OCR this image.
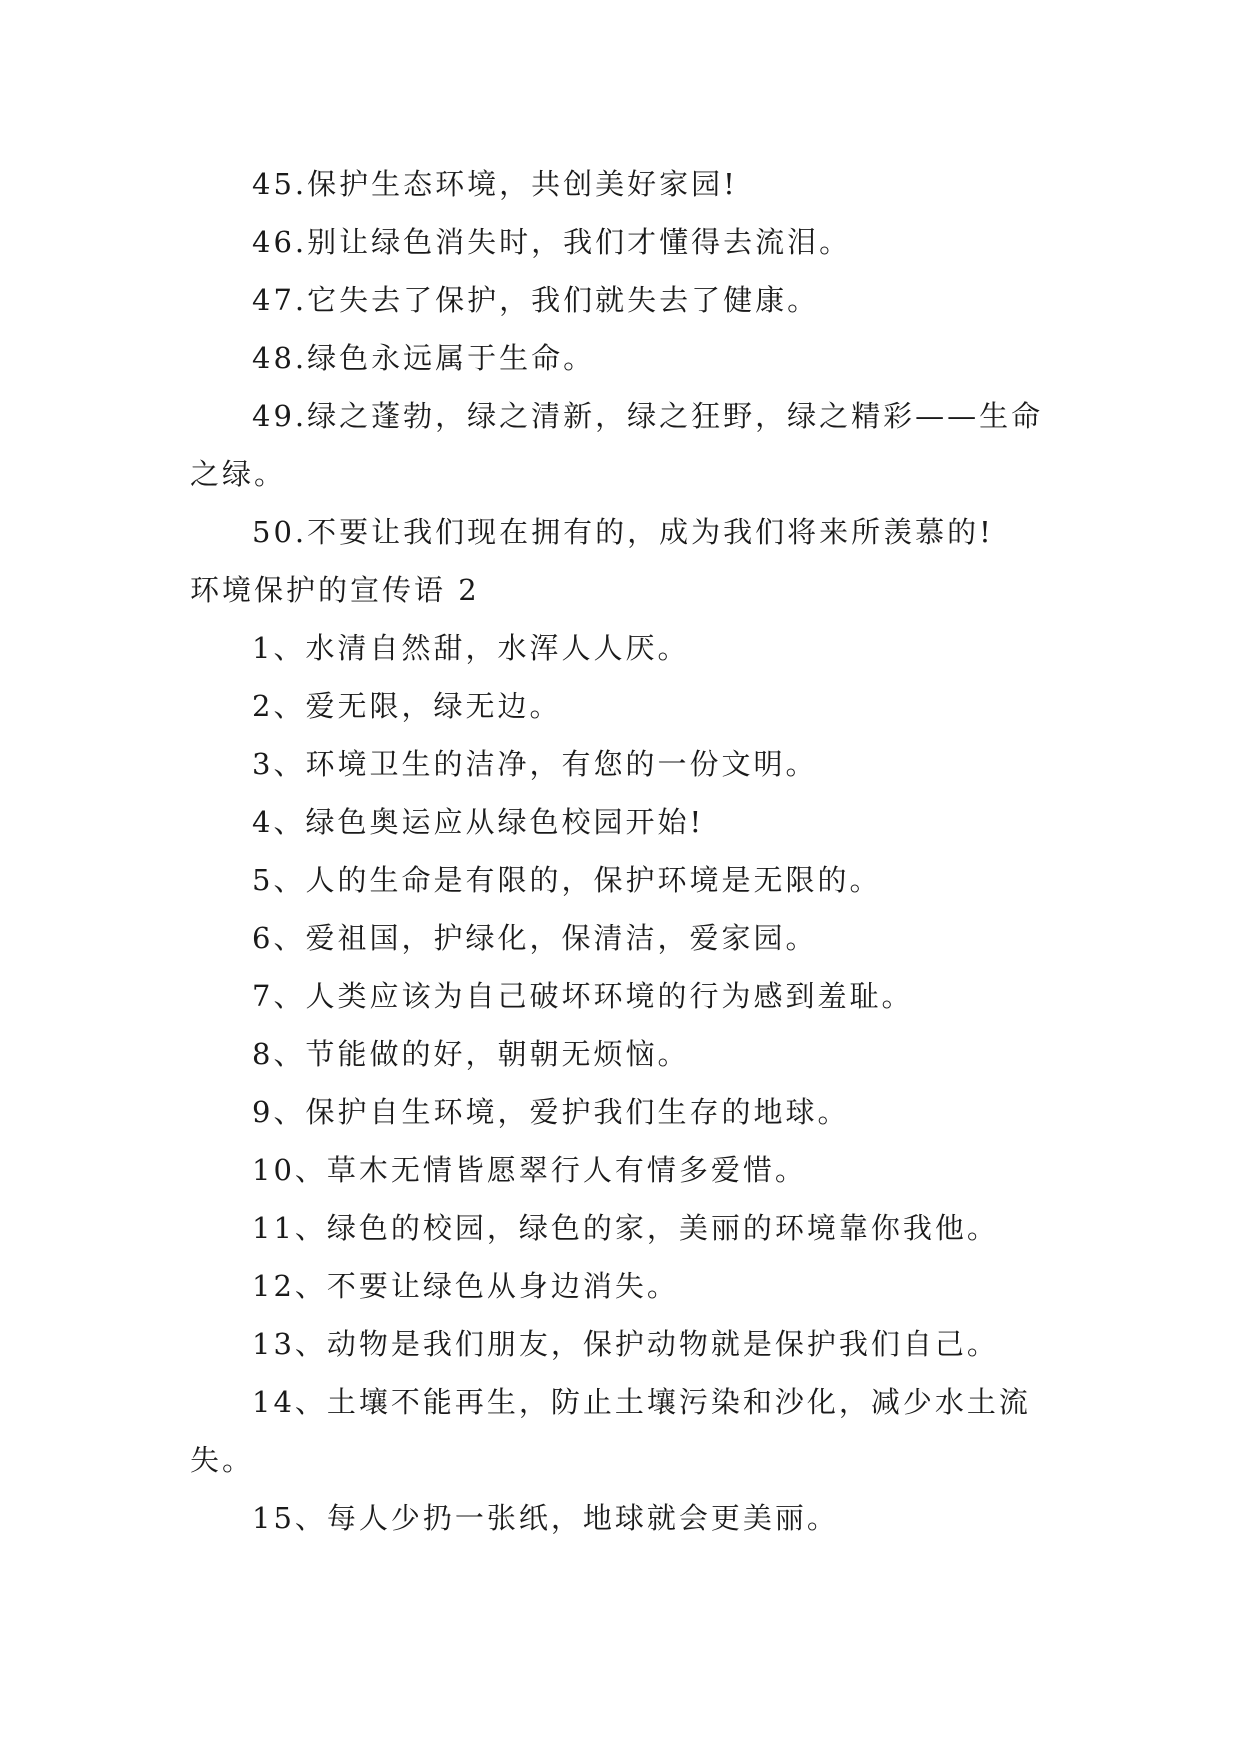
45.保护生态环境，共创美好家园!

46.别让绿色消失时，我们才懂得去流泪。

47.它失去了保护，我们就失去了健康。

48.绿色永远属于生命。

49.绿之蓬勃，绿之清新，绿之狂野，绿之精彩——生命之绿。

50.不要让我们现在拥有的，成为我们将来所羡慕的!

环境保护的宣传语 2

1、水清自然甜，水浑人人厌。

2、爱无限，绿无边。

3、环境卫生的洁净，有您的一份文明。

4、绿色奥运应从绿色校园开始!

5、人的生命是有限的，保护环境是无限的。

6、爱祖国，护绿化，保清洁，爱家园。

7、人类应该为自己破坏环境的行为感到羞耻。

8、节能做的好，朝朝无烦恼。

9、保护自生环境，爱护我们生存的地球。

10、草木无情皆愿翠行人有情多爱惜。

11、绿色的校园，绿色的家，美丽的环境靠你我他。

12、不要让绿色从身边消失。

13、动物是我们朋友，保护动物就是保护我们自己。

14、土壤不能再生，防止土壤污染和沙化，减少水土流失。

15、每人少扔一张纸，地球就会更美丽。
